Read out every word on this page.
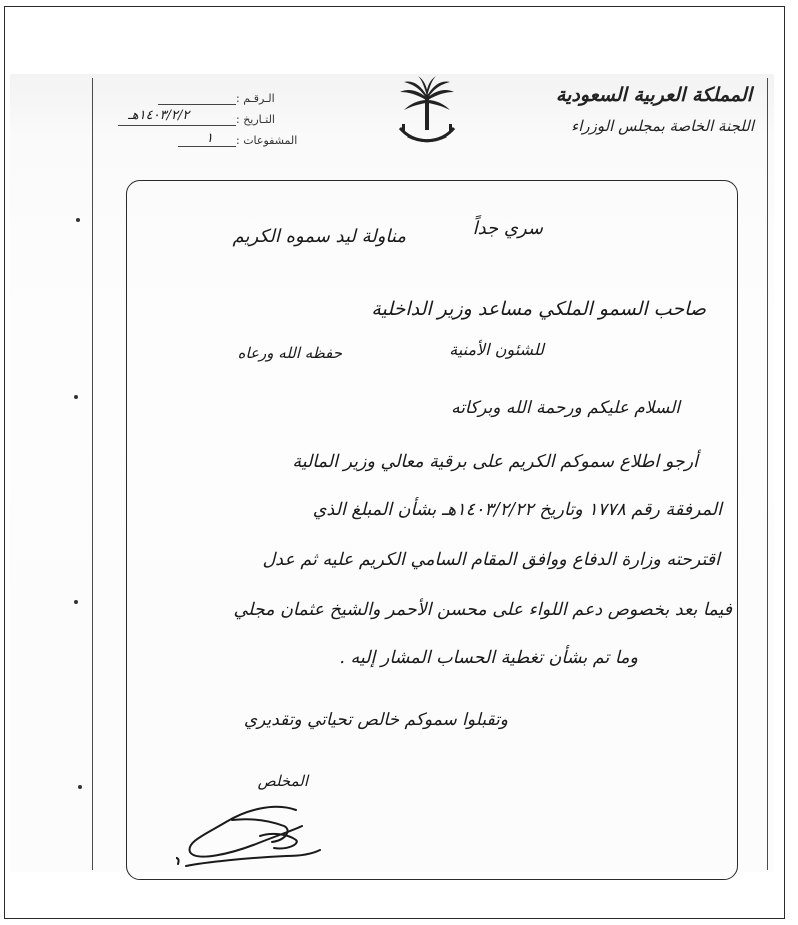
المملكة العربية السعودية
اللجنة الخاصة بمجلس الوزراء
الـرقـم :
التـاريخ :
١٤٠٣/٢/٢هـ
المشفوعات :
١
سري جداً
مناولة ليد سموه الكريم
صاحب السمو الملكي مساعد وزير الداخلية
للشئون الأمنية
حفظه الله ورعاه
السلام عليكم ورحمة الله وبركاته
أرجو اطلاع سموكم الكريم على برقية معالي وزير المالية
المرفقة رقم ١٧٧٨ وتاريخ ١٤٠٣/٢/٢٢هـ بشأن المبلغ الذي
اقترحته وزارة الدفاع ووافق المقام السامي الكريم عليه ثم عدل
فيما بعد بخصوص دعم اللواء على محسن الأحمر والشيخ عثمان مجلي
وما تم بشأن تغطية الحساب المشار إليه .
وتقبلوا سموكم خالص تحياتي وتقديري
المخلص
